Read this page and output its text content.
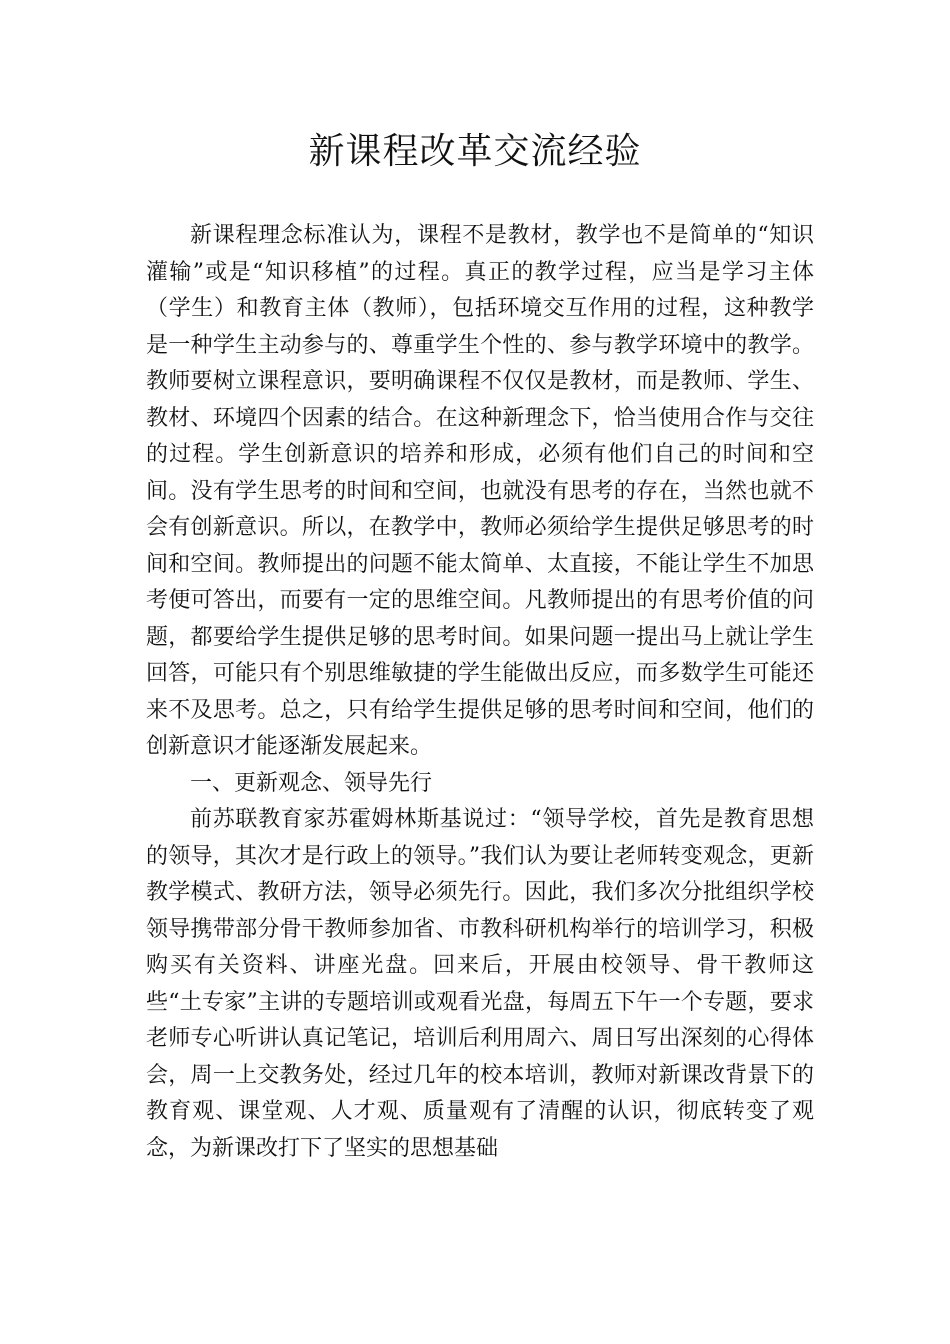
新课程改革交流经验

新课程理念标准认为，课程不是教材，教学也不是简单的“知识灌输”或是“知识移植”的过程。真正的教学过程，应当是学习主体（学生）和教育主体（教师），包括环境交互作用的过程，这种教学是一种学生主动参与的、尊重学生个性的、参与教学环境中的教学。教师要树立课程意识，要明确课程不仅仅是教材，而是教师、学生、教材、环境四个因素的结合。在这种新理念下，恰当使用合作与交往的过程。学生创新意识的培养和形成，必须有他们自己的时间和空间。没有学生思考的时间和空间，也就没有思考的存在，当然也就不会有创新意识。所以，在教学中，教师必须给学生提供足够思考的时间和空间。教师提出的问题不能太简单、太直接，不能让学生不加思考便可答出，而要有一定的思维空间。凡教师提出的有思考价值的问题，都要给学生提供足够的思考时间。如果问题一提出马上就让学生回答，可能只有个别思维敏捷的学生能做出反应，而多数学生可能还来不及思考。总之，只有给学生提供足够的思考时间和空间，他们的创新意识才能逐渐发展起来。

一、更新观念、领导先行

前苏联教育家苏霍姆林斯基说过：“领导学校，首先是教育思想的领导，其次才是行政上的领导。”我们认为要让老师转变观念，更新教学模式、教研方法，领导必须先行。因此，我们多次分批组织学校领导携带部分骨干教师参加省、市教科研机构举行的培训学习，积极购买有关资料、讲座光盘。回来后，开展由校领导、骨干教师这些“土专家”主讲的专题培训或观看光盘，每周五下午一个专题，要求老师专心听讲认真记笔记，培训后利用周六、周日写出深刻的心得体会，周一上交教务处，经过几年的校本培训，教师对新课改背景下的教育观、课堂观、人才观、质量观有了清醒的认识，彻底转变了观念，为新课改打下了坚实的思想基础
